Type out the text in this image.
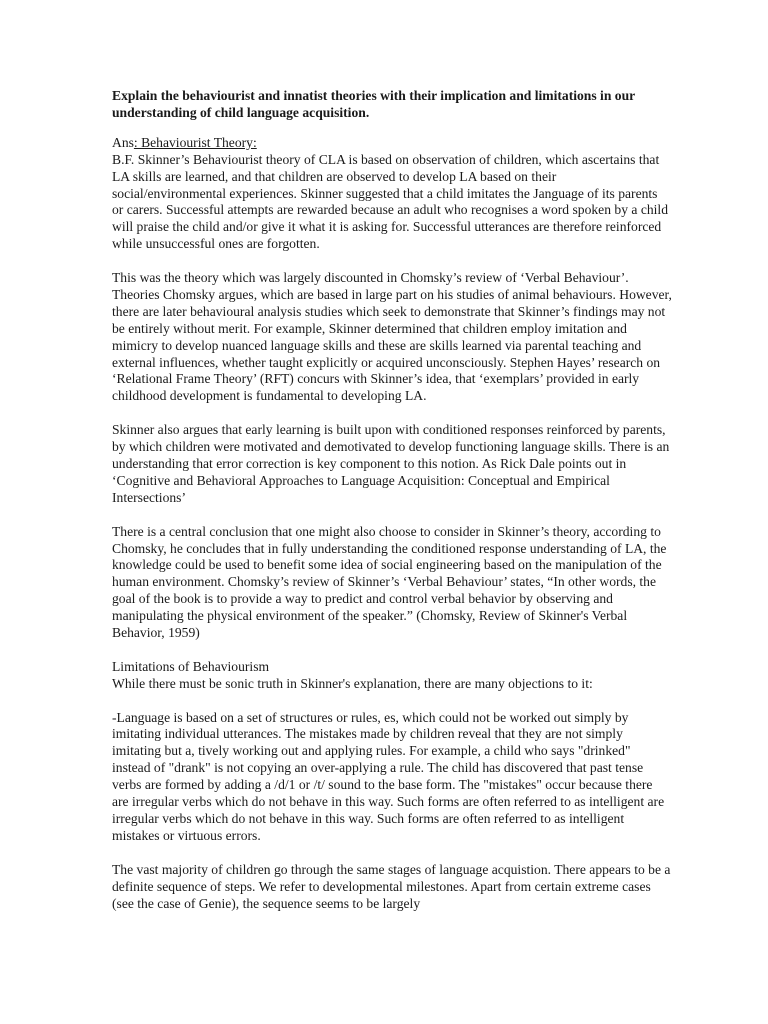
Explain the behaviourist and innatist theories with their implication and limitations in our understanding of child language acquisition.
Ans: Behaviourist Theory:

B.F. Skinner’s Behaviourist theory of CLA is based on observation of children, which ascertains that LA skills are learned, and that children are observed to develop LA based on their social/environmental experiences. Skinner suggested that a child imitates the Janguage of its parents or carers. Successful attempts are rewarded because an adult who recognises a word spoken by a child will praise the child and/or give it what it is asking for. Successful utterances are therefore reinforced while unsuccessful ones are forgotten.

This was the theory which was largely discounted in Chomsky’s review of ‘Verbal Behaviour’. Theories Chomsky argues, which are based in large part on his studies of animal behaviours. However, there are later behavioural analysis studies which seek to demonstrate that Skinner’s findings may not be entirely without merit. For example, Skinner determined that children employ imitation and mimicry to develop nuanced language skills and these are skills learned via parental teaching and external influences, whether taught explicitly or acquired unconsciously. Stephen Hayes’ research on ‘Relational Frame Theory’ (RFT) concurs with Skinner’s idea, that ‘exemplars’ provided in early childhood development is fundamental to developing LA.

Skinner also argues that early learning is built upon with conditioned responses reinforced by parents, by which children were motivated and demotivated to develop functioning language skills. There is an understanding that error correction is key component to this notion. As Rick Dale points out in ‘Cognitive and Behavioral Approaches to Language Acquisition: Conceptual and Empirical Intersections’

There is a central conclusion that one might also choose to consider in Skinner’s theory, according to Chomsky, he concludes that in fully understanding the conditioned response understanding of LA, the knowledge could be used to benefit some idea of social engineering based on the manipulation of the human environment. Chomsky’s review of Skinner’s ‘Verbal Behaviour’ states, “In other words, the goal of the book is to provide a way to predict and control verbal behavior by observing and manipulating the physical environment of the speaker.” (Chomsky, Review of Skinner's Verbal Behavior, 1959)

Limitations of Behaviourism

While there must be sonic truth in Skinner's explanation, there are many objections to it:

-Language is based on a set of structures or rules, es, which could not be worked out simply by imitating individual utterances. The mistakes made by children reveal that they are not simply imitating but a, tively working out and applying rules. For example, a child who says "drinked" instead of "drank" is not copying an over-applying a rule. The child has discovered that past tense verbs are formed by adding a /d/1 or /t/ sound to the base form. The "mistakes" occur because there are irregular verbs which do not behave in this way. Such forms are often referred to as intelligent are irregular verbs which do not behave in this way. Such forms are often referred to as intelligent mistakes or virtuous errors.

The vast majority of children go through the same stages of language acquistion. There appears to be a definite sequence of steps. We refer to developmental milestones. Apart from certain extreme cases (see the case of Genie), the sequence seems to be largely
